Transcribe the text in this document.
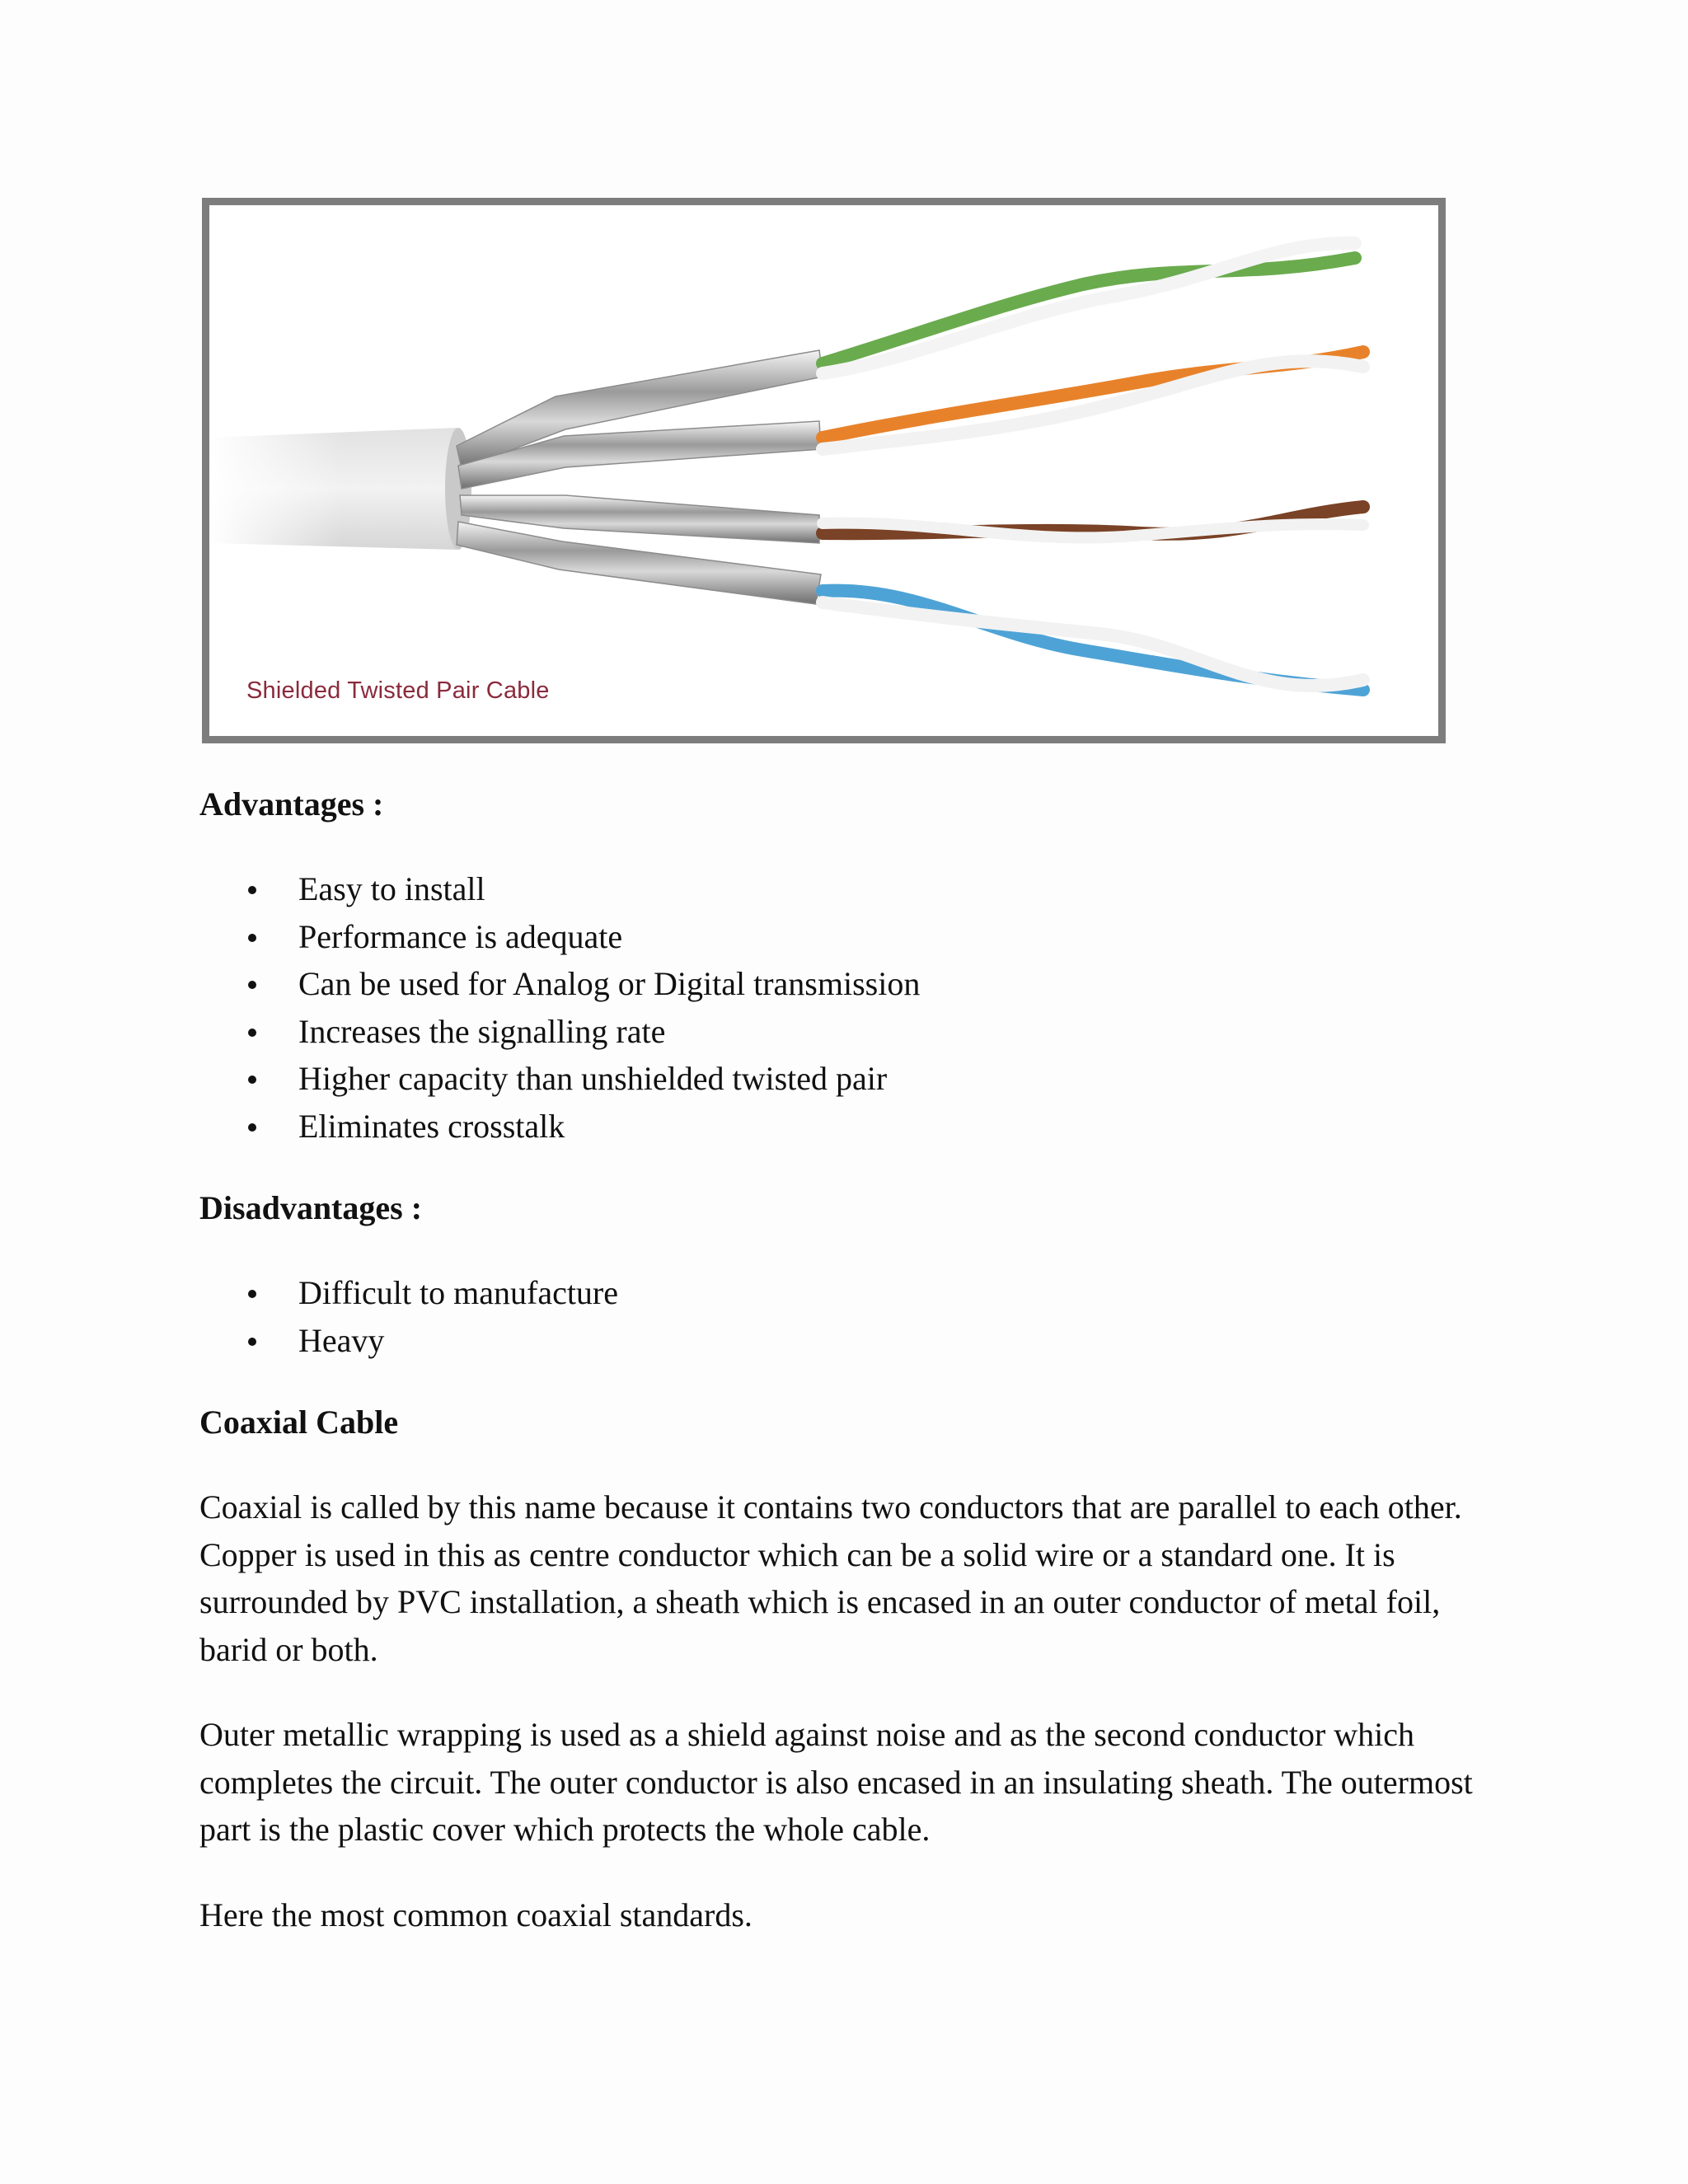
Shielded Twisted Pair Cable
Advantages :
Easy to install
Performance is adequate
Can be used for Analog or Digital transmission
Increases the signalling rate
Higher capacity than unshielded twisted pair
Eliminates crosstalk
Disadvantages :
Difficult to manufacture
Heavy
Coaxial Cable

Coaxial is called by this name because it contains two conductors that are parallel to each other. Copper is used in this as centre conductor which can be a solid wire or a standard one. It is surrounded by PVC installation, a sheath which is encased in an outer conductor of metal foil, barid or both.

Outer metallic wrapping is used as a shield against noise and as the second conductor which completes the circuit. The outer conductor is also encased in an insulating sheath. The outermost part is the plastic cover which protects the whole cable.

Here the most common coaxial standards.
